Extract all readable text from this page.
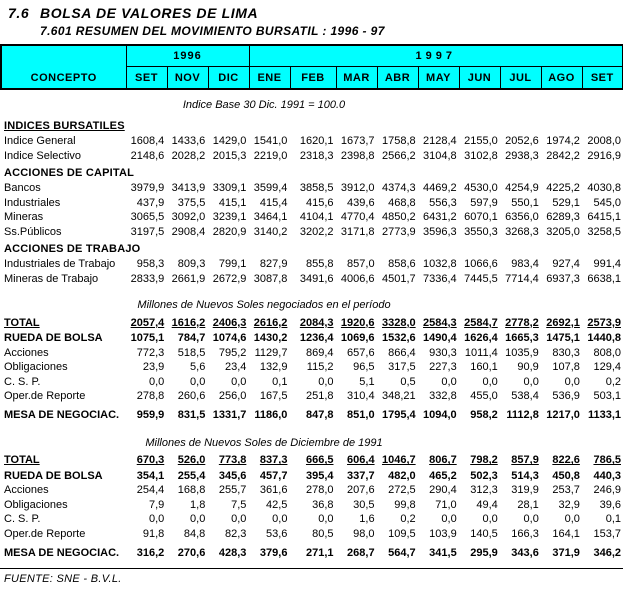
7.6 BOLSA DE VALORES DE LIMA
7.601 RESUMEN DEL MOVIMIENTO BURSATIL : 1996 - 97
CONCEPTO	1996			1997								
	SET	NOV	DIC	ENE	FEB	MAR	ABR	MAY	JUN	JUL	AGO	SET
Indice Base 30 Dic. 1991 = 100.0												
INDICES BURSATILES												
Indice General	1608,4	1433,6	1429,0	1541,0	1620,1	1673,7	1758,8	2128,4	2155,0	2052,6	1974,2	2008,0
Indice Selectivo	2148,6	2028,2	2015,3	2219,0	2318,3	2398,8	2566,2	3104,8	3102,8	2938,3	2842,2	2916,9
ACCIONES DE CAPITAL												
Bancos	3979,9	3413,9	3309,1	3599,4	3858,5	3912,0	4374,3	4469,2	4530,0	4254,9	4225,2	4030,8
Industriales	437,9	375,5	415,1	415,4	415,6	439,6	468,8	556,3	597,9	550,1	529,1	545,0
Mineras	3065,5	3092,0	3239,1	3464,1	4104,1	4770,4	4850,2	6431,2	6070,1	6356,0	6289,3	6415,1
Ss.Públicos	3197,5	2908,4	2820,9	3140,2	3202,2	3171,8	2773,9	3596,3	3550,3	3268,3	3205,0	3258,5
ACCIONES DE TRABAJO												
Industriales de Trabajo	958,3	809,3	799,1	827,9	855,8	857,0	858,6	1032,8	1066,6	983,4	927,4	991,4
Mineras de Trabajo	2833,9	2661,9	2672,9	3087,8	3491,6	4006,6	4501,7	7336,4	7445,5	7714,4	6937,3	6638,1
Millones de Nuevos Soles negociados en el período												
TOTAL	2057,4	1616,2	2406,3	2616,2	2084,3	1920,6	3328,0	2584,3	2584,7	2778,2	2692,1	2573,9
RUEDA DE BOLSA	1075,1	784,7	1074,6	1430,2	1236,4	1069,6	1532,6	1490,4	1626,4	1665,3	1475,1	1440,8
Acciones	772,3	518,5	795,2	1129,7	869,4	657,6	866,4	930,3	1011,4	1035,9	830,3	808,0
Obligaciones	23,9	5,6	23,4	132,9	115,2	96,5	317,5	227,3	160,1	90,9	107,8	129,4
C. S. P.	0,0	0,0	0,0	0,1	0,0	5,1	0,5	0,0	0,0	0,0	0,0	0,2
Oper.de Reporte	278,8	260,6	256,0	167,5	251,8	310,4	348,21	332,8	455,0	538,4	536,9	503,1
MESA DE NEGOCIAC.	959,9	831,5	1331,7	1186,0	847,8	851,0	1795,4	1094,0	958,2	1112,8	1217,0	1133,1
Millones de Nuevos Soles de Diciembre de 1991												
TOTAL	670,3	526,0	773,8	837,3	666,5	606,4	1046,7	806,7	798,2	857,9	822,6	786,5
RUEDA DE BOLSA	354,1	255,4	345,6	457,7	395,4	337,7	482,0	465,2	502,3	514,3	450,8	440,3
Acciones	254,4	168,8	255,7	361,6	278,0	207,6	272,5	290,4	312,3	319,9	253,7	246,9
Obligaciones	7,9	1,8	7,5	42,5	36,8	30,5	99,8	71,0	49,4	28,1	32,9	39,6
C. S. P.	0,0	0,0	0,0	0,0	0,0	1,6	0,2	0,0	0,0	0,0	0,0	0,1
Oper.de Reporte	91,8	84,8	82,3	53,6	80,5	98,0	109,5	103,9	140,5	166,3	164,1	153,7
MESA DE NEGOCIAC.	316,2	270,6	428,3	379,6	271,1	268,7	564,7	341,5	295,9	343,6	371,9	346,2
FUENTE: SNE - B.V.L.
